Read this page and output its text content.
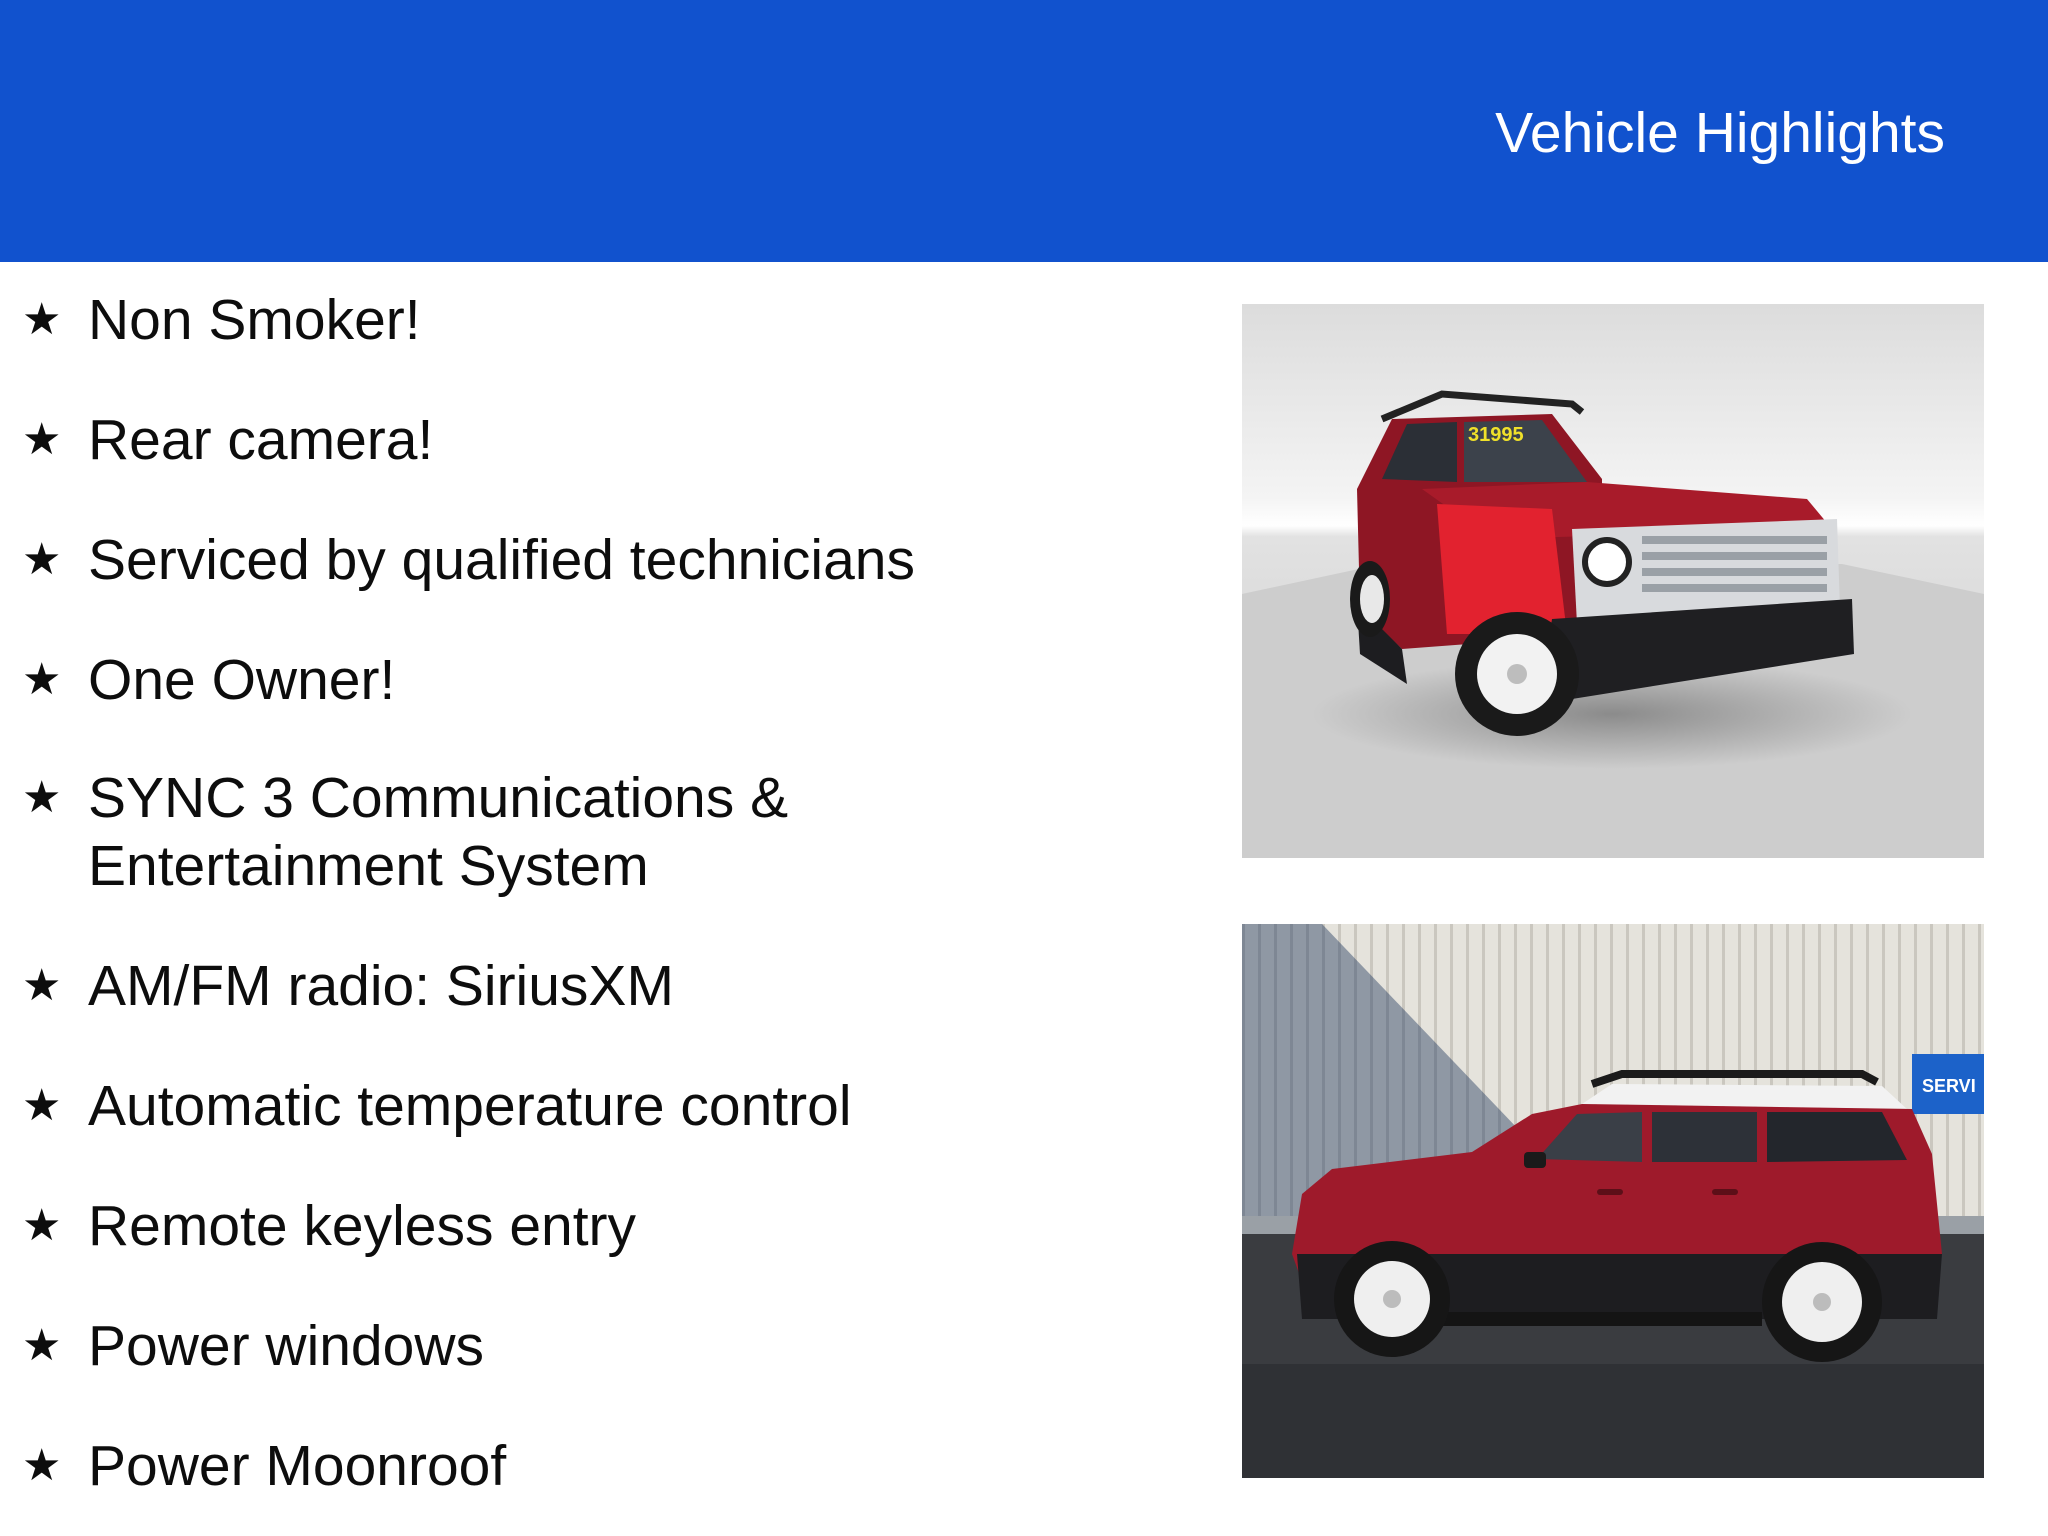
Vehicle Highlights
★ Non Smoker!
★ Rear camera!
★ Serviced by qualified technicians
★ One Owner!
★ SYNC 3 Communications &
Entertainment System
★ AM/FM radio: SiriusXM
★ Automatic temperature control
★ Remote keyless entry
★ Power windows
★ Power Moonroof
31995
SERVI
